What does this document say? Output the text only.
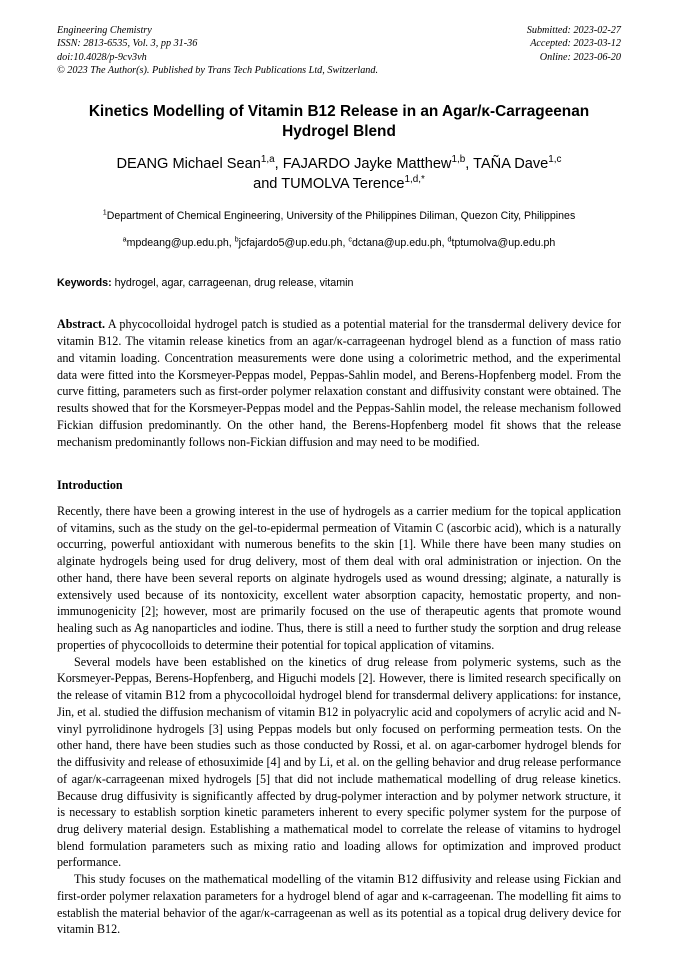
Engineering Chemistry
ISSN: 2813-6535, Vol. 3, pp 31-36
doi:10.4028/p-9cv3vh
© 2023 The Author(s). Published by Trans Tech Publications Ltd, Switzerland.
Submitted: 2023-02-27
Accepted: 2023-03-12
Online: 2023-06-20
Kinetics Modelling of Vitamin B12 Release in an Agar/κ-Carrageenan Hydrogel Blend
DEANG Michael Sean$^{1,a}$, FAJARDO Jayke Matthew$^{1,b}$, TAÑA Dave$^{1,c}$
and TUMOLVA Terence$^{1,d,*}$
$^1$Department of Chemical Engineering, University of the Philippines Diliman, Quezon City, Philippines
$^a$mpdeang@up.edu.ph, $^b$jcfajardo5@up.edu.ph, $^c$dctana@up.edu.ph, $^d$tptumolva@up.edu.ph
Keywords: hydrogel, agar, carrageenan, drug release, vitamin
Abstract. A phycocolloidal hydrogel patch is studied as a potential material for the transdermal delivery device for vitamin B12. The vitamin release kinetics from an agar/κ-carrageenan hydrogel blend as a function of mass ratio and vitamin loading. Concentration measurements were done using a colorimetric method, and the experimental data were fitted into the Korsmeyer-Peppas model, Peppas-Sahlin model, and Berens-Hopfenberg model. From the curve fitting, parameters such as first-order polymer relaxation constant and diffusivity constant were obtained. The results showed that for the Korsmeyer-Peppas model and the Peppas-Sahlin model, the release mechanism followed Fickian diffusion predominantly. On the other hand, the Berens-Hopfenberg model fit shows that the release mechanism predominantly follows non-Fickian diffusion and may need to be modified.
Introduction
Recently, there have been a growing interest in the use of hydrogels as a carrier medium for the topical application of vitamins, such as the study on the gel-to-epidermal permeation of Vitamin C (ascorbic acid), which is a naturally occurring, powerful antioxidant with numerous benefits to the skin [1]. While there have been many studies on alginate hydrogels being used for drug delivery, most of them deal with oral administration or injection. On the other hand, there have been several reports on alginate hydrogels used as wound dressing; alginate, a naturally is extensively used because of its nontoxicity, excellent water absorption capacity, hemostatic property, and non-immunogenicity [2]; however, most are primarily focused on the use of therapeutic agents that promote wound healing such as Ag nanoparticles and iodine. Thus, there is still a need to further study the sorption and drug release properties of phycocolloids to determine their potential for topical application of vitamins.
Several models have been established on the kinetics of drug release from polymeric systems, such as the Korsmeyer-Peppas, Berens-Hopfenberg, and Higuchi models [2]. However, there is limited research specifically on the release of vitamin B12 from a phycocolloidal hydrogel blend for transdermal delivery applications: for instance, Jin, et al. studied the diffusion mechanism of vitamin B12 in polyacrylic acid and copolymers of acrylic acid and N-vinyl pyrrolidinone hydrogels [3] using Peppas models but only focused on performing permeation tests. On the other hand, there have been studies such as those conducted by Rossi, et al. on agar-carbomer hydrogel blends for the diffusivity and release of ethosuximide [4] and by Li, et al. on the gelling behavior and drug release performance of agar/κ-carrageenan mixed hydrogels [5] that did not include mathematical modelling of drug release kinetics. Because drug diffusivity is significantly affected by drug-polymer interaction and by polymer network structure, it is necessary to establish sorption kinetic parameters inherent to every specific polymer system for the purpose of drug delivery material design. Establishing a mathematical model to correlate the release of vitamins to hydrogel blend formulation parameters such as mixing ratio and loading allows for optimization and improved product performance.
This study focuses on the mathematical modelling of the vitamin B12 diffusivity and release using Fickian and first-order polymer relaxation parameters for a hydrogel blend of agar and κ-carrageenan. The modelling fit aims to establish the material behavior of the agar/κ-carrageenan as well as its potential as a topical drug delivery device for vitamin B12.
